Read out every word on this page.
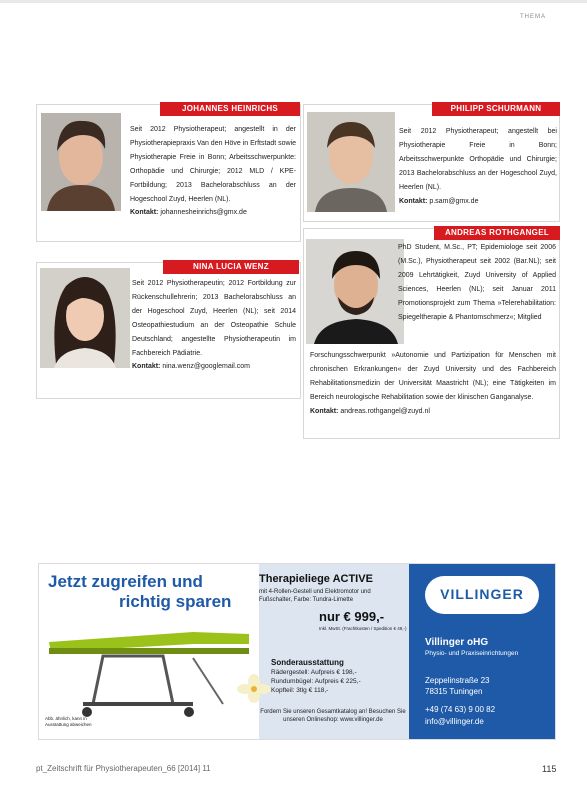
THEMA
JOHANNES HEINRICHS
Seit 2012 Physiotherapeut; angestellt in der Physiotherapiepraxis Van den Höve in Erftstadt sowie Physiotherapie Freie in Bonn; Arbeitsschwerpunkte: Orthopädie und Chirurgie; 2012 MLD / KPE-Fortbildung; 2013 Bachelorabschluss an der Hogeschool Zuyd, Heerlen (NL).
Kontakt: johannesheinrichs@gmx.de
PHILIPP SCHURMANN
Seit 2012 Physiotherapeut; angestellt bei Physiotherapie Freie in Bonn; Arbeitsschwerpunkte Orthopädie und Chirurgie; 2013 Bachelorabschluss an der Hogeschool Zuyd, Heerlen (NL).
Kontakt: p.sam@gmx.de
NINA LUCIA WENZ
Seit 2012 Physiotherapeutin; 2012 Fortbildung zur Rückenschullehrerin; 2013 Bachelorabschluss an der Hogeschool Zuyd, Heerlen (NL); seit 2014 Osteopathiestudium an der Osteopathie Schule Deutschland; angestellte Physiotherapeutin im Fachbereich Pädiatrie.
Kontakt: nina.wenz@googlemail.com
ANDREAS ROTHGANGEL
PhD Student, M.Sc., PT; Epidemiologe seit 2006 (M.Sc.), Physiotherapeut seit 2002 (Bar.NL); seit 2009 Lehrtätigkeit, Zuyd University of Applied Sciences, Heerlen (NL); seit Januar 2011 Promotionsprojekt zum Thema »Telerehabilitation: Spiegeltherapie & Phantomschmerz«; Mitglied
Forschungsschwerpunkt »Autonomie und Partizipation für Menschen mit chronischen Erkrankungen« der Zuyd University und des Fachbereich Rehabilitationsmedizin der Universität Maastricht (NL); eine Tätigkeiten im Bereich neurologische Rehabilitation sowie der klinischen Ganganalyse.
Kontakt: andreas.rothgangel@zuyd.nl
Jetzt zugreifen und
richtig sparen
Abb. ähnlich, kann in Ausstattung abweichen
Therapieliege ACTIVE
mit 4-Rollen-Gestell und Elektromotor und Fußschalter, Farbe: Tundra-Limette
nur € 999,-
Inkl. MwSt. (Frachtkosten / Spedition € 49,-)
Sonderausstattung
Rädergestell: Aufpreis € 198,-
Rundumbügel: Aufpreis € 225,-
Kopfteil: 3tlg € 118,-
Fordern Sie unseren Gesamtkatalog an! Besuchen Sie unseren Onlineshop: www.villinger.de
VILLINGER
Villinger oHG
Physio- und Praxiseinrichtungen
Zeppelinstraße 23
78315 Tuningen
+49 (74 63) 9 00 82
info@villinger.de
pt_Zeitschrift für Physiotherapeuten_66 [2014] 11	115
